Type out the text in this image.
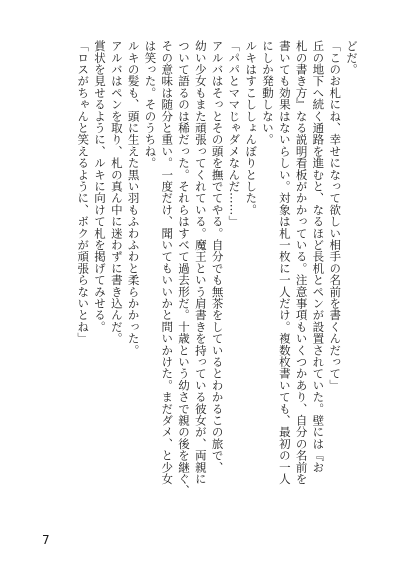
どだ。

「このお札にね、幸せになって欲しい相手の名前を書くんだって」

丘の地下へ続く通路を進むと、なるほど長机とペンが設置されていた。壁には『お

札の書き方』なる説明看板がかかっている。注意事項もいくつかあり、自分の名前を

書いても効果はないらしい。対象は札一枚に一人だけ。複数枚書いても、最初の一人

にしか発動しない。

ルキはすこししょんぼりとした。

「パパとママじゃダメなんだ……」

アルバはそっとその頭を撫でてやる。自分でも無茶をしているとわかるこの旅で、

幼い少女もまた頑張ってくれている。魔王という肩書きを持っている彼女が、両親に

ついて語るのは稀だった。それらはすべて過去形だ。十歳という幼さで親の後を継ぐ、

その意味は随分と重い。一度だけ、聞いてもいいかと問いかけた。まだダメ、と少女

は笑った。そのうちね。

ルキの髪も、頭に生えた黒い羽もふわふわと柔らかかった。

アルバはペンを取り、札の真ん中に迷わずに書き込んだ。

賞状を見せるように、ルキに向けて札を掲げてみせる。

「ロスがちゃんと笑えるように、ボクが頑張らないとね」

7
